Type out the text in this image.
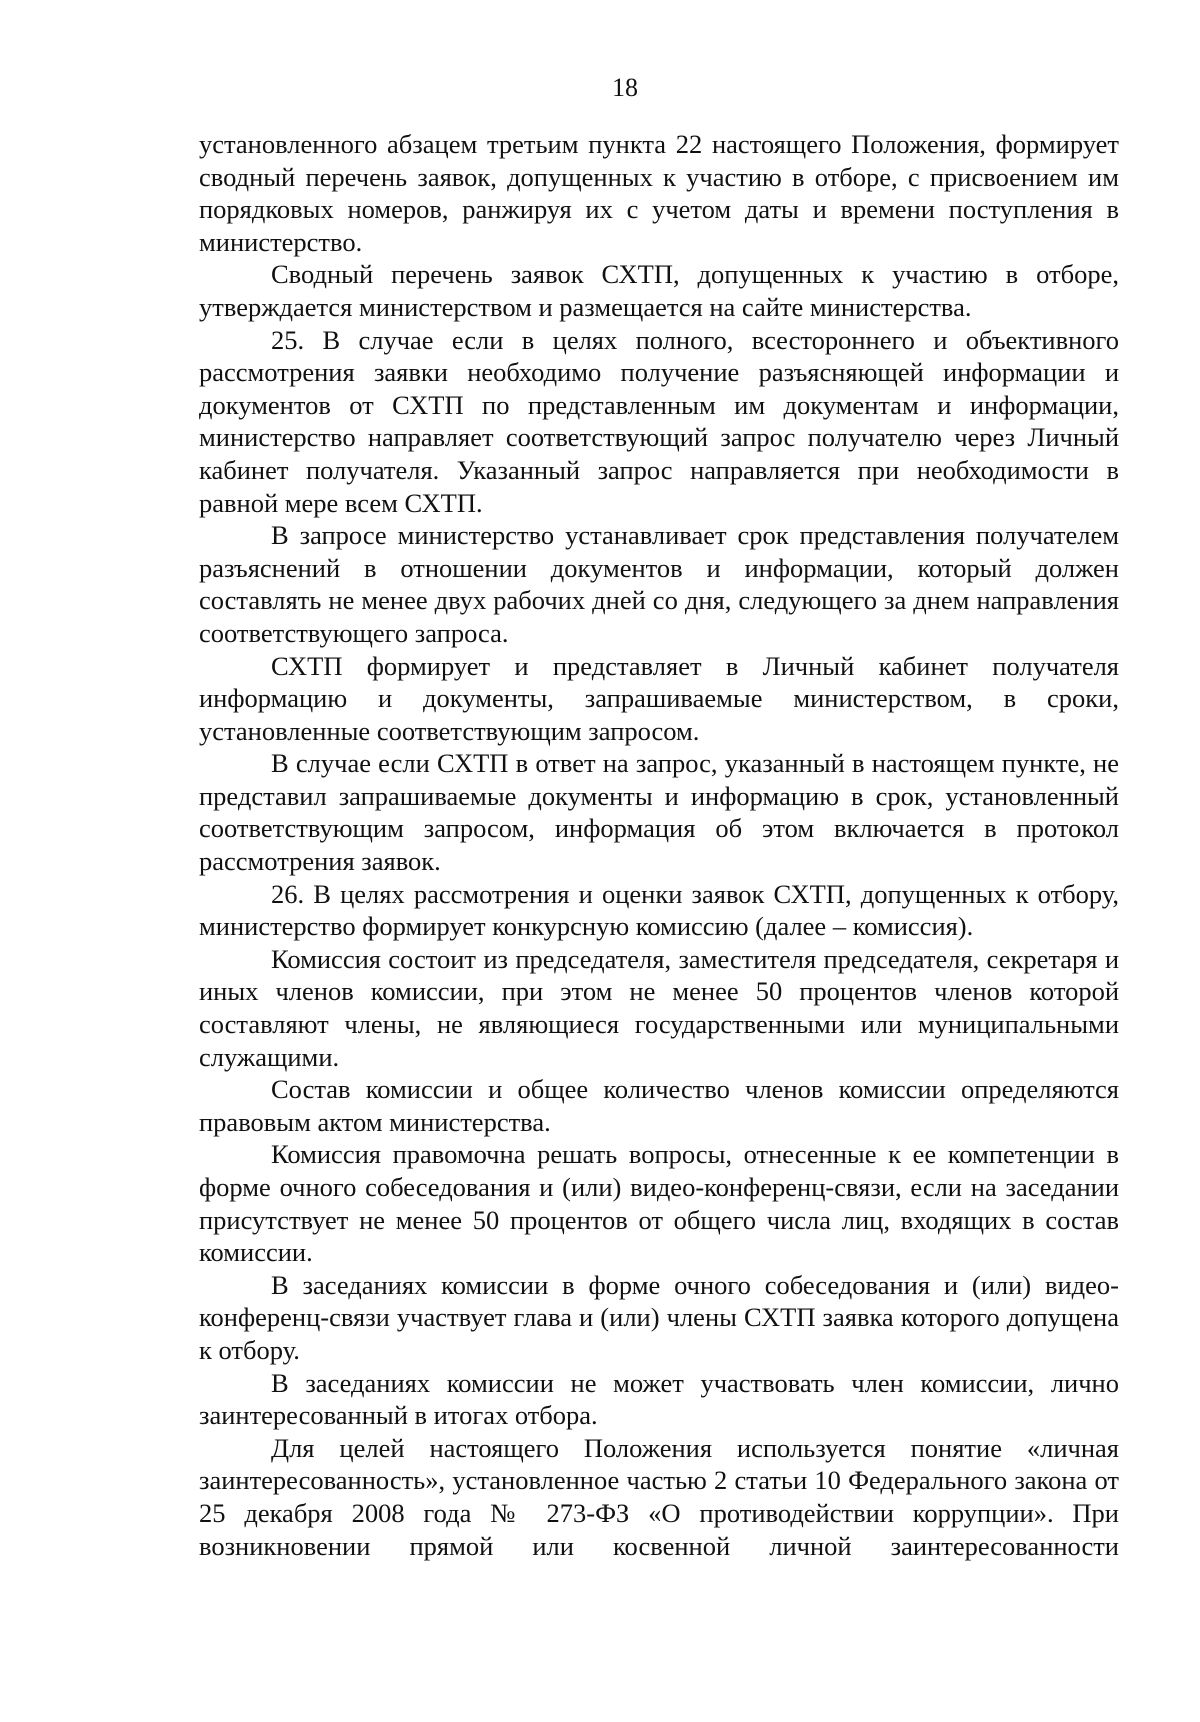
18

установленного абзацем третьим пункта 22 настоящего Положения, формирует сводный перечень заявок, допущенных к участию в отборе, с присвоением им порядковых номеров, ранжируя их с учетом даты и времени поступления в министерство.

Сводный перечень заявок СХТП, допущенных к участию в отборе, утверждается министерством и размещается на сайте министерства.

25. В случае если в целях полного, всестороннего и объективного рассмотрения заявки необходимо получение разъясняющей информации и документов от СХТП по представленным им документам и информации, министерство направляет соответствующий запрос получателю через Личный кабинет получателя. Указанный запрос направляется при необходимости в равной мере всем СХТП.

В запросе министерство устанавливает срок представления получателем разъяснений в отношении документов и информации, который должен составлять не менее двух рабочих дней со дня, следующего за днем направления соответствующего запроса.

СХТП формирует и представляет в Личный кабинет получателя информацию и документы, запрашиваемые министерством, в сроки, установленные соответствующим запросом.

В случае если СХТП в ответ на запрос, указанный в настоящем пункте, не представил запрашиваемые документы и информацию в срок, установленный соответствующим запросом, информация об этом включается в протокол рассмотрения заявок.

26. В целях рассмотрения и оценки заявок СХТП, допущенных к отбору, министерство формирует конкурсную комиссию (далее – комиссия).

Комиссия состоит из председателя, заместителя председателя, секретаря и иных членов комиссии, при этом не менее 50 процентов членов которой составляют члены, не являющиеся государственными или муниципальными служащими.

Состав комиссии и общее количество членов комиссии определяются правовым актом министерства.

Комиссия правомочна решать вопросы, отнесенные к ее компетенции в форме очного собеседования и (или) видео-конференц-связи, если на заседании присутствует не менее 50 процентов от общего числа лиц, входящих в состав комиссии.

В заседаниях комиссии в форме очного собеседования и (или) видео-конференц-связи участвует глава и (или) члены СХТП заявка которого допущена к отбору.

В заседаниях комиссии не может участвовать член комиссии, лично заинтересованный в итогах отбора.

Для целей настоящего Положения используется понятие «личная заинтересованность», установленное частью 2 статьи 10 Федерального закона от 25 декабря 2008 года № 273-ФЗ «О противодействии коррупции». При возникновении прямой или косвенной личной заинтересованности
